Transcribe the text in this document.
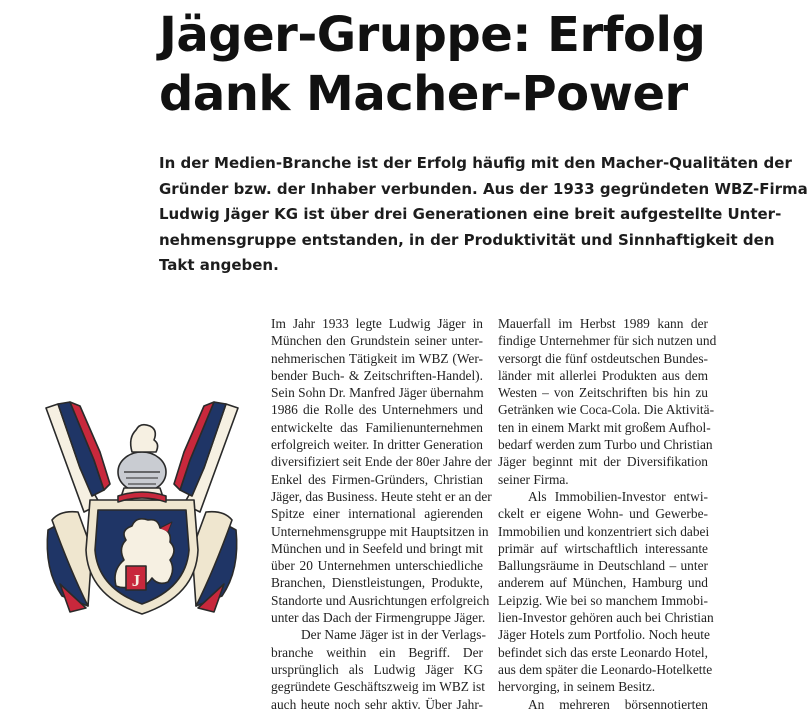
Jäger-Gruppe: Erfolg
dank Macher-Power
In der Medien-Branche ist der Erfolg häufig mit den Macher-Qualitäten der
Gründer bzw. der Inhaber verbunden. Aus der 1933 gegründeten WBZ-Firma
Ludwig Jäger KG ist über drei Generationen eine breit aufgestellte Unter-
nehmensgruppe entstanden, in der Produktivität und Sinnhaftigkeit den
Takt angeben.
J
Im Jahr 1933 legte Ludwig Jäger in
München den Grundstein seiner unter-
nehmerischen Tätigkeit im WBZ (Wer-
bender Buch- & Zeitschriften-Handel).
Sein Sohn Dr. Manfred Jäger übernahm
1986 die Rolle des Unternehmers und
entwickelte das Familienunternehmen
erfolgreich weiter. In dritter Generation
diversifiziert seit Ende der 80er Jahre der
Enkel des Firmen-Gründers, Christian
Jäger, das Business. Heute steht er an der
Spitze einer international agierenden
Unternehmensgruppe mit Hauptsitzen in
München und in Seefeld und bringt mit
über 20 Unternehmen unterschiedliche
Branchen, Dienstleistungen, Produkte,
Standorte und Ausrichtungen erfolgreich
unter das Dach der Firmengruppe Jäger.
Der Name Jäger ist in der Verlags-
branche weithin ein Begriff. Der
ursprünglich als Ludwig Jäger KG
gegründete Geschäftszweig im WBZ ist
auch heute noch sehr aktiv. Über Jahr-
Mauerfall im Herbst 1989 kann der
findige Unternehmer für sich nutzen und
versorgt die fünf ostdeutschen Bundes-
länder mit allerlei Produkten aus dem
Westen – von Zeitschriften bis hin zu
Getränken wie Coca-Cola. Die Aktivitä-
ten in einem Markt mit großem Aufhol-
bedarf werden zum Turbo und Christian
Jäger beginnt mit der Diversifikation
seiner Firma.
Als Immobilien-Investor entwi-
ckelt er eigene Wohn- und Gewerbe-
Immobilien und konzentriert sich dabei
primär auf wirtschaftlich interessante
Ballungsräume in Deutschland – unter
anderem auf München, Hamburg und
Leipzig. Wie bei so manchem Immobi-
lien-Investor gehören auch bei Christian
Jäger Hotels zum Portfolio. Noch heute
befindet sich das erste Leonardo Hotel,
aus dem später die Leonardo-Hotelkette
hervorging, in seinem Besitz.
An mehreren börsennotierten
